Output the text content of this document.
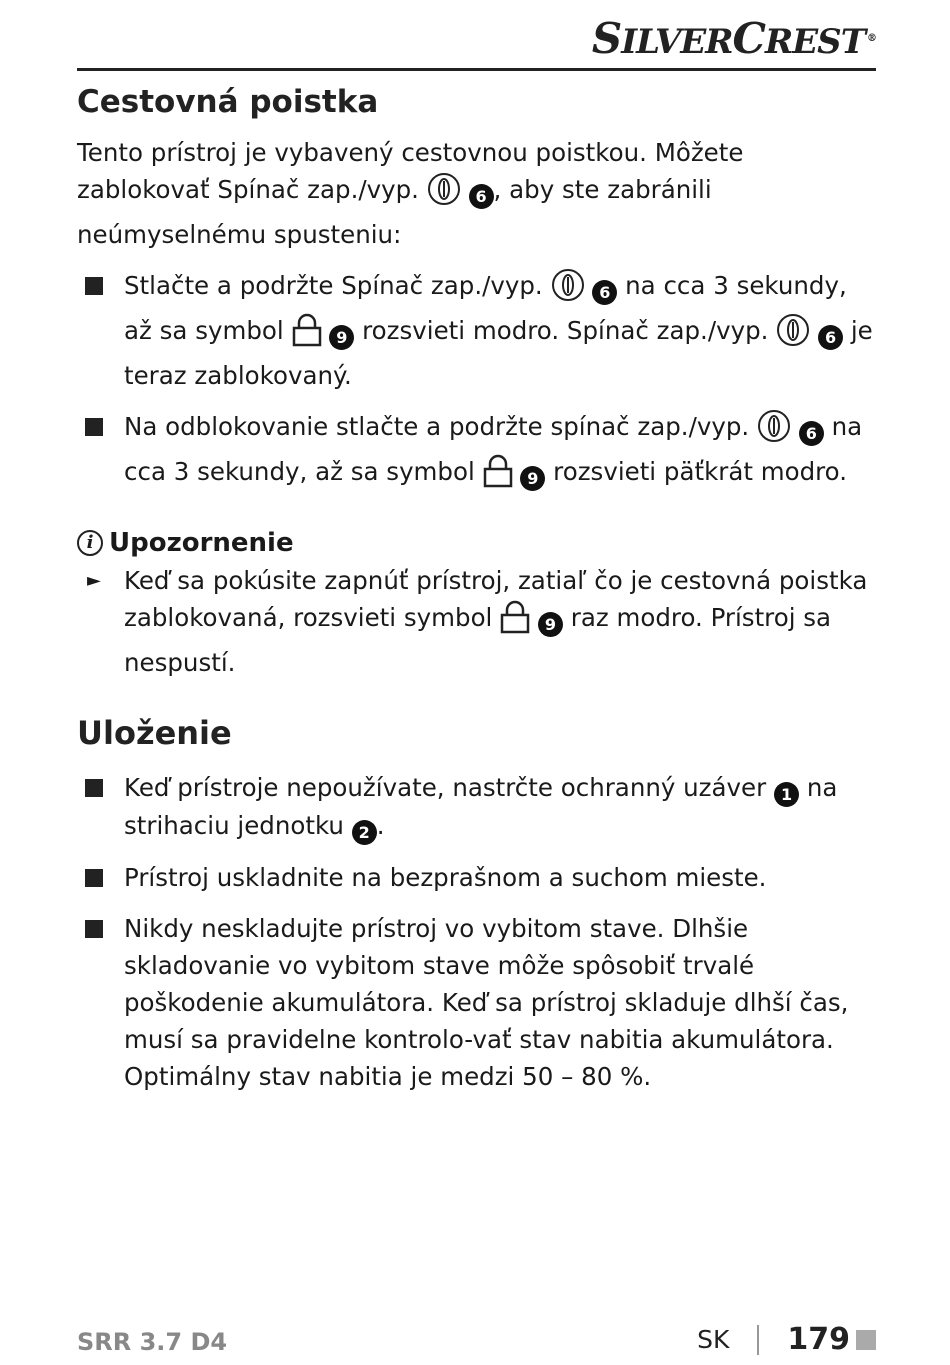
SILVERCREST ®
Cestovná poistka

Tento prístroj je vybavený cestovnou poistkou. Môžete zablokovať Spínač zap./vyp.	6 , aby ste zabránili neúmyselnému spusteniu:

Stlačte a podržte Spínač zap./vyp.	6 na cca 3 sekundy, až sa symbol	9 rozsvieti modro. Spínač zap./vyp.	6 je teraz zablokovaný.
Na odblokovanie stlačte a podržte spínač zap./vyp.	6 na cca 3 sekundy, až sa symbol	9 rozsvieti päťkrát modro.
i Upozornenie

► Keď sa pokúsite zapnúť prístroj, zatiaľ čo je cestovná poistka zablokovaná, rozsvieti symbol	9 raz modro. Prístroj sa nespustí.

Uloženie
Keď prístroje nepoužívate, nastrčte ochranný uzáver 1 na strihaciu jednotku 2 .
Prístroj uskladnite na bezprašnom a suchom mieste.
Nikdy neskladujte prístroj vo vybitom stave. Dlhšie skladovanie vo vybitom stave môže spôsobiť trvalé poškodenie akumulátora. Keď sa prístroj skladuje dlhší čas, musí sa pravidelne kontrolo-vať stav nabitia akumulátora. Optimálny stav nabitia je medzi 50 – 80 %.
SRR 3.7 D4	SK 179
